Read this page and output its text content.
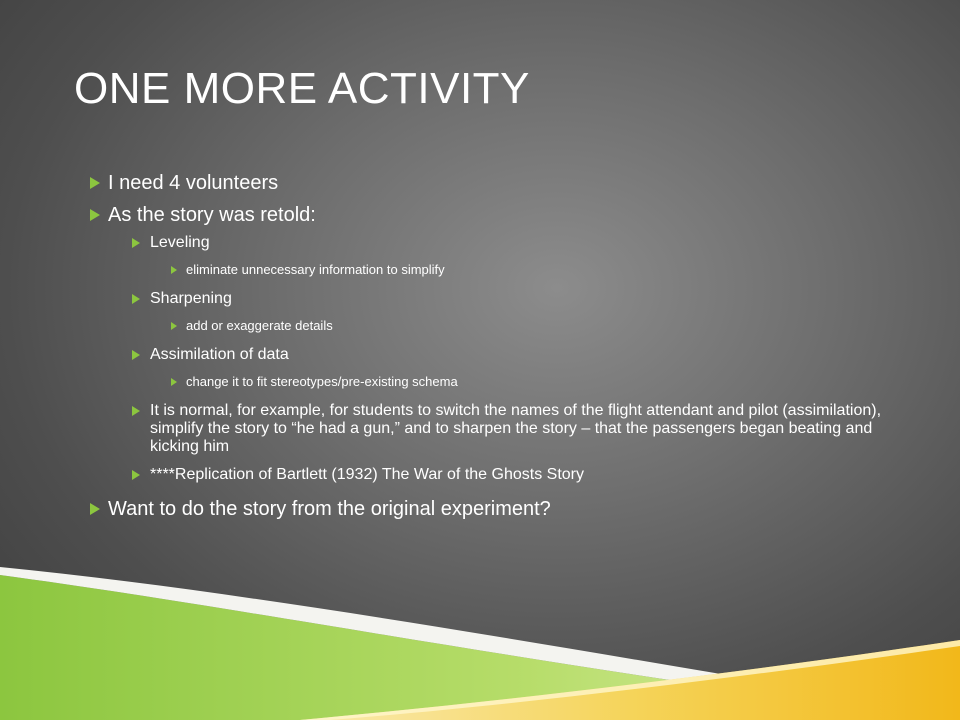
ONE MORE ACTIVITY
I need 4 volunteers
As the story was retold:
Leveling
eliminate unnecessary information to simplify
Sharpening
add or exaggerate details
Assimilation of data
change it to fit stereotypes/pre-existing schema
It is normal, for example, for students to switch the names of the flight attendant and pilot (assimilation), simplify the story to “he had a gun,” and to sharpen the story – that the passengers began beating and kicking him
****Replication of Bartlett (1932) The War of the Ghosts Story
Want to do the story from the original experiment?
